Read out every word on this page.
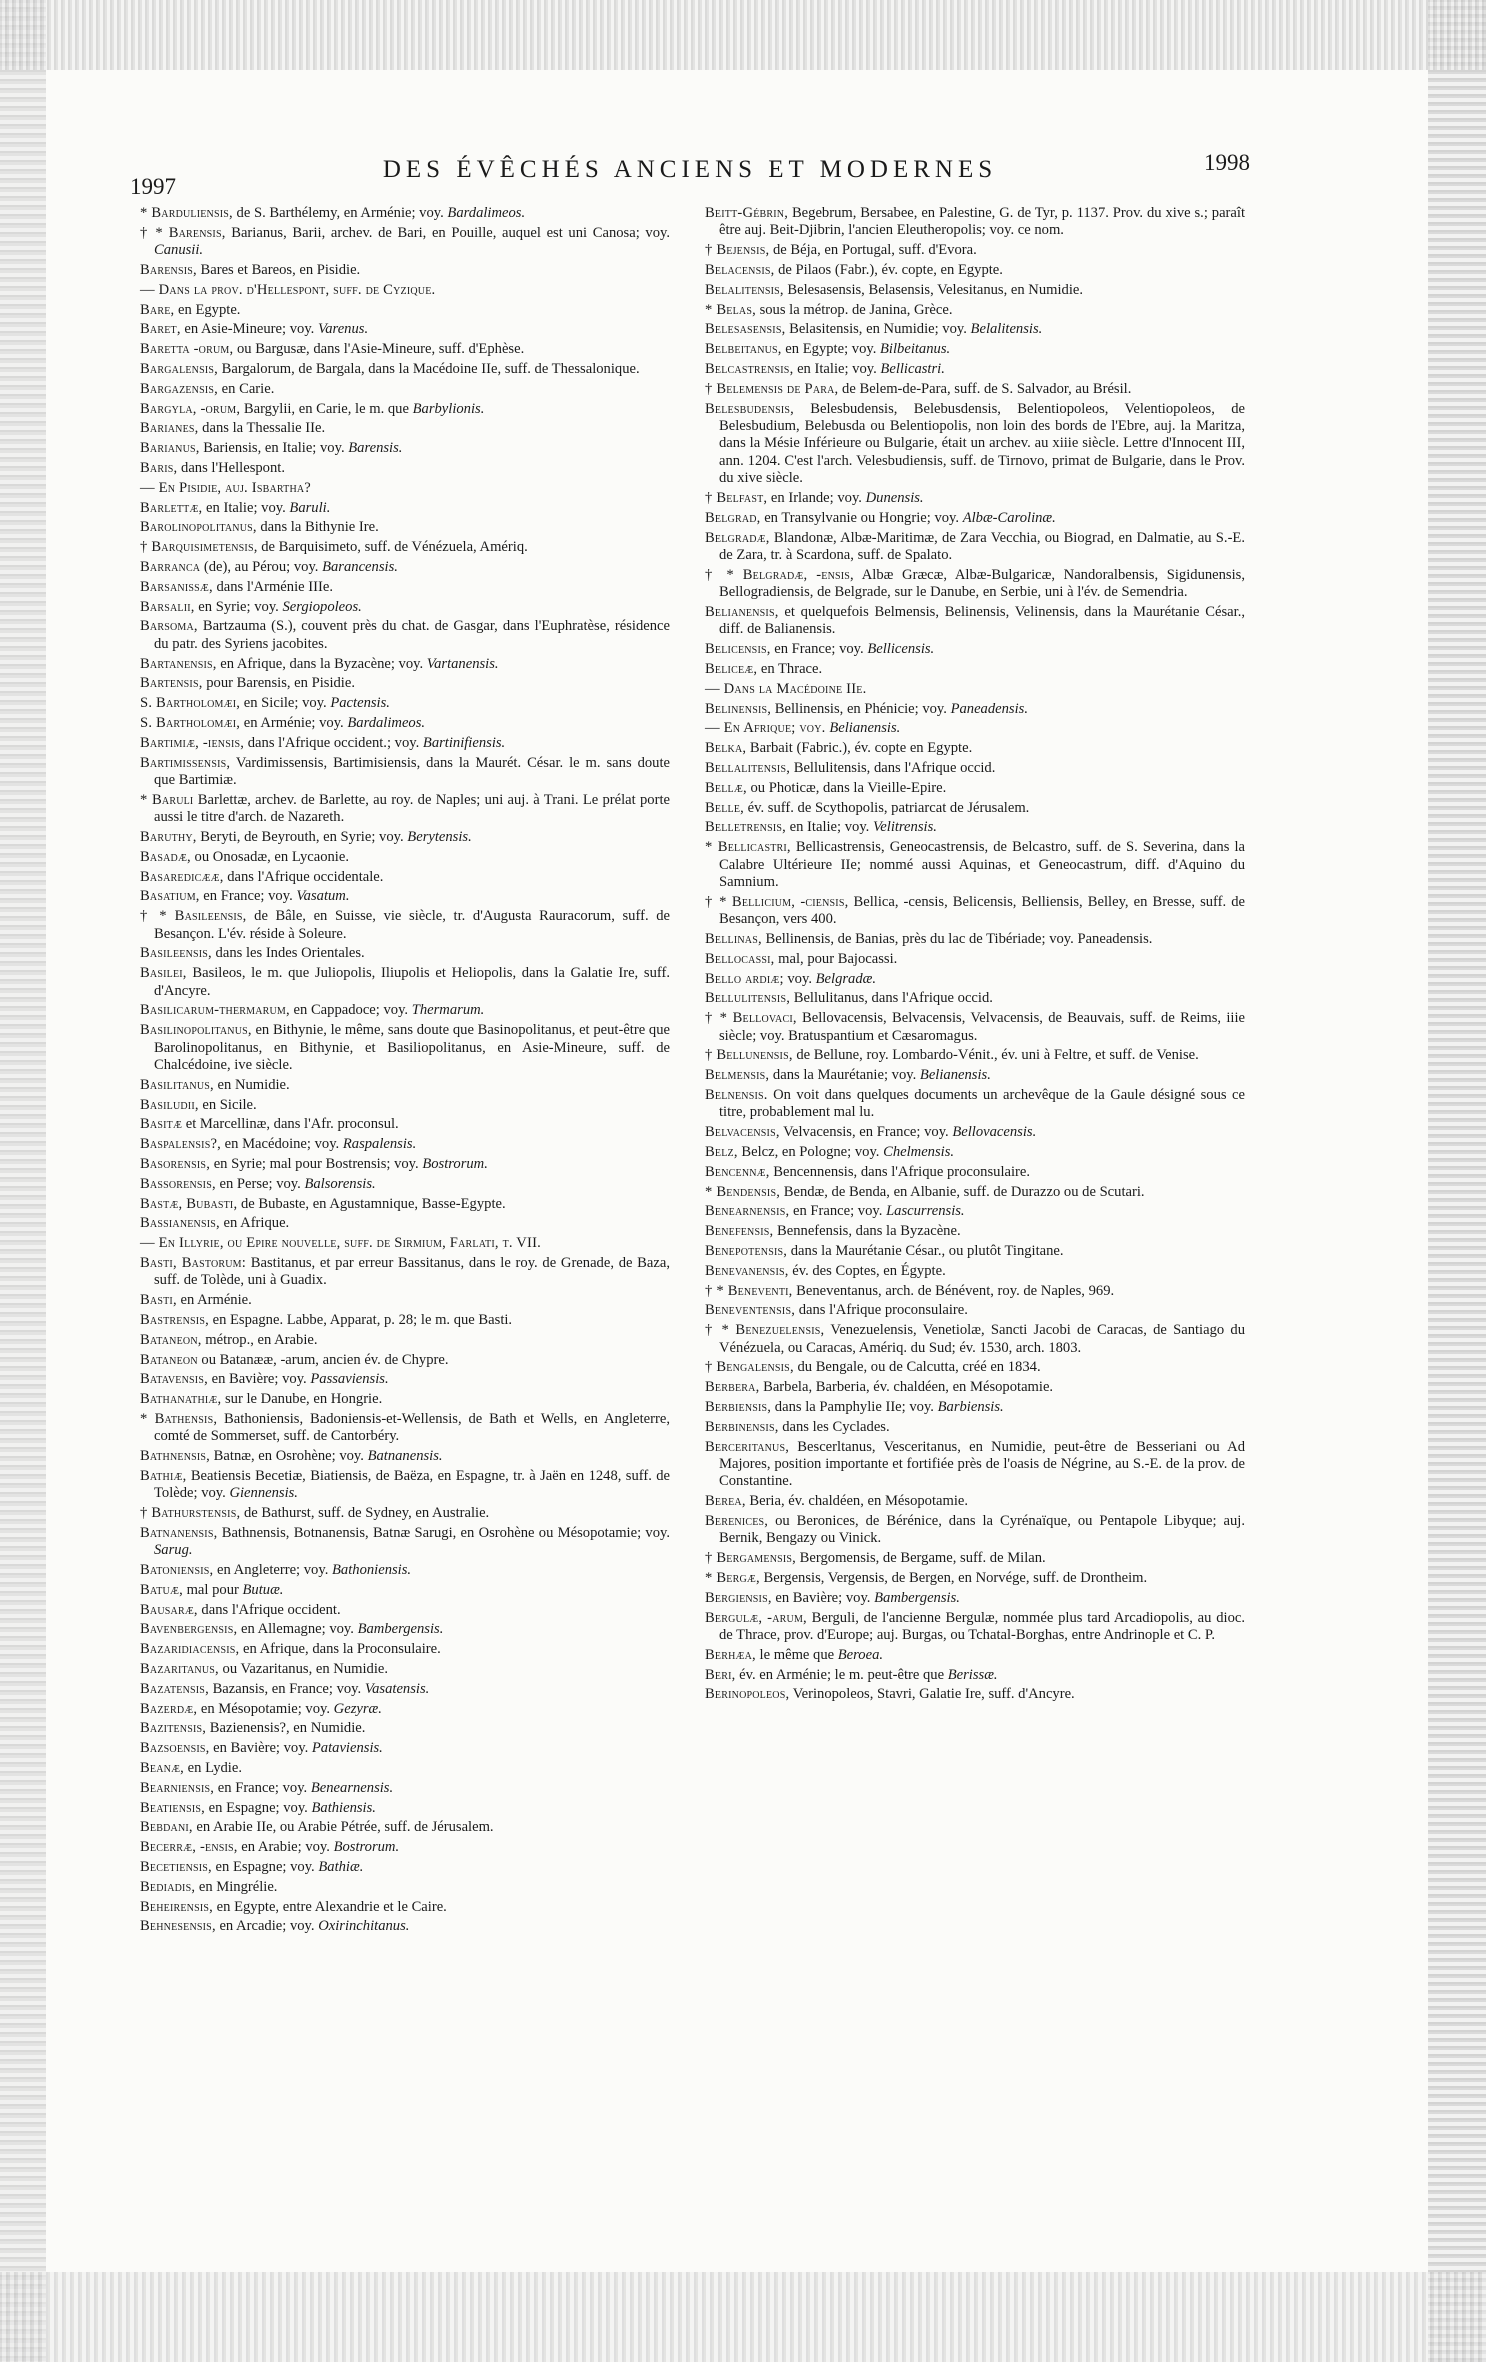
1997
DES ÉVÊCHÉS ANCIENS ET MODERNES	1998

* Barduliensis, de S. Barthélemy, en Arménie; voy. Bardalimeos.

† * Barensis, Barianus, Barii, archev. de Bari, en Pouille, auquel est uni Canosa; voy. Canusii.

Barensis, Bares et Bareos, en Pisidie.

— Dans la prov. d'Hellespont, suff. de Cyzique.

Bare, en Egypte.

Baret, en Asie-Mineure; voy. Varenus.

Baretta -orum, ou Bargusæ, dans l'Asie-Mineure, suff. d'Ephèse.

Bargalensis, Bargalorum, de Bargala, dans la Macédoine IIe, suff. de Thessalonique.

Bargazensis, en Carie.

Bargyla, -orum, Bargylii, en Carie, le m. que Barbylionis.

Barianes, dans la Thessalie IIe.

Barianus, Bariensis, en Italie; voy. Barensis.

Baris, dans l'Hellespont.

— En Pisidie, auj. Isbartha?

Barlettæ, en Italie; voy. Baruli.

Barolinopolitanus, dans la Bithynie Ire.

† Barquisimetensis, de Barquisimeto, suff. de Vénézuela, Amériq.

Barranca (de), au Pérou; voy. Barancensis.

Barsanissæ, dans l'Arménie IIIe.

Barsalii, en Syrie; voy. Sergiopoleos.

Barsoma, Bartzauma (S.), couvent près du chat. de Gasgar, dans l'Euphratèse, résidence du patr. des Syriens jacobites.

Bartanensis, en Afrique, dans la Byzacène; voy. Vartanensis.

Bartensis, pour Barensis, en Pisidie.

S. Bartholomæi, en Sicile; voy. Pactensis.

S. Bartholomæi, en Arménie; voy. Bardalimeos.

Bartimiæ, -iensis, dans l'Afrique occident.; voy. Bartinifiensis.

Bartimissensis, Vardimissensis, Bartimisiensis, dans la Maurét. César. le m. sans doute que Bartimiæ.

* Baruli Barlettæ, archev. de Barlette, au roy. de Naples; uni auj. à Trani. Le prélat porte aussi le titre d'arch. de Nazareth.

Baruthy, Beryti, de Beyrouth, en Syrie; voy. Berytensis.

Basadæ, ou Onosadæ, en Lycaonie.

Basaredicææ, dans l'Afrique occidentale.

Basatium, en France; voy. Vasatum.

† * Basileensis, de Bâle, en Suisse, vie siècle, tr. d'Augusta Rauracorum, suff. de Besançon. L'év. réside à Soleure.

Basileensis, dans les Indes Orientales.

Basilei, Basileos, le m. que Juliopolis, Iliupolis et Heliopolis, dans la Galatie Ire, suff. d'Ancyre.

Basilicarum-thermarum, en Cappadoce; voy. Thermarum.

Basilinopolitanus, en Bithynie, le même, sans doute que Basinopolitanus, et peut-être que Barolinopolitanus, en Bithynie, et Basiliopolitanus, en Asie-Mineure, suff. de Chalcédoine, ive siècle.

Basilitanus, en Numidie.

Basiludii, en Sicile.

Basitæ et Marcellinæ, dans l'Afr. proconsul.

Baspalensis?, en Macédoine; voy. Raspalensis.

Basorensis, en Syrie; mal pour Bostrensis; voy. Bostrorum.

Bassorensis, en Perse; voy. Balsorensis.

Bastæ, Bubasti, de Bubaste, en Agustamnique, Basse-Egypte.

Bassianensis, en Afrique.

— En Illyrie, ou Epire nouvelle, suff. de Sirmium, Farlati, t. VII.

Basti, Bastorum: Bastitanus, et par erreur Bassitanus, dans le roy. de Grenade, de Baza, suff. de Tolède, uni à Guadix.

Basti, en Arménie.

Bastrensis, en Espagne. Labbe, Apparat, p. 28; le m. que Basti.

Bataneon, métrop., en Arabie.

Bataneon ou Batanææ, -arum, ancien év. de Chypre.

Batavensis, en Bavière; voy. Passaviensis.

Bathanathiæ, sur le Danube, en Hongrie.

* Bathensis, Bathoniensis, Badoniensis-et-Wellensis, de Bath et Wells, en Angleterre, comté de Sommerset, suff. de Cantorbéry.

Bathnensis, Batnæ, en Osrohène; voy. Batnanensis.

Bathiæ, Beatiensis Becetiæ, Biatiensis, de Baëza, en Espagne, tr. à Jaën en 1248, suff. de Tolède; voy. Giennensis.

† Bathurstensis, de Bathurst, suff. de Sydney, en Australie.

Batnanensis, Bathnensis, Botnanensis, Batnæ Sarugi, en Osrohène ou Mésopotamie; voy. Sarug.

Batoniensis, en Angleterre; voy. Bathoniensis.

Batuæ, mal pour Butuæ.

Bausaræ, dans l'Afrique occident.

Bavenbergensis, en Allemagne; voy. Bambergensis.

Bazaridiacensis, en Afrique, dans la Proconsulaire.

Bazaritanus, ou Vazaritanus, en Numidie.

Bazatensis, Bazansis, en France; voy. Vasatensis.

Bazerdæ, en Mésopotamie; voy. Gezyræ.

Bazitensis, Bazienensis?, en Numidie.

Bazsoensis, en Bavière; voy. Pataviensis.

Beanæ, en Lydie.

Bearniensis, en France; voy. Benearnensis.

Beatiensis, en Espagne; voy. Bathiensis.

Bebdani, en Arabie IIe, ou Arabie Pétrée, suff. de Jérusalem.

Becerræ, -ensis, en Arabie; voy. Bostrorum.

Becetiensis, en Espagne; voy. Bathiæ.

Bediadis, en Mingrélie.

Beheirensis, en Egypte, entre Alexandrie et le Caire.

Behnesensis, en Arcadie; voy. Oxirinchitanus.

Beitt-Gébrin, Begebrum, Bersabee, en Palestine, G. de Tyr, p. 1137. Prov. du xive s.; paraît être auj. Beit-Djibrin, l'ancien Eleutheropolis; voy. ce nom.

† Bejensis, de Béja, en Portugal, suff. d'Evora.

Belacensis, de Pilaos (Fabr.), év. copte, en Egypte.

Belalitensis, Belesasensis, Belasensis, Velesitanus, en Numidie.

* Belas, sous la métrop. de Janina, Grèce.

Belesasensis, Belasitensis, en Numidie; voy. Belalitensis.

Belbeitanus, en Egypte; voy. Bilbeitanus.

Belcastrensis, en Italie; voy. Bellicastri.

† Belemensis de Para, de Belem-de-Para, suff. de S. Salvador, au Brésil.

Belesbudensis, Belesbudensis, Belebusdensis, Belentiopoleos, Velentiopoleos, de Belesbudium, Belebusda ou Belentiopolis, non loin des bords de l'Ebre, auj. la Maritza, dans la Mésie Inférieure ou Bulgarie, était un archev. au xiiie siècle. Lettre d'Innocent III, ann. 1204. C'est l'arch. Velesbudiensis, suff. de Tirnovo, primat de Bulgarie, dans le Prov. du xive siècle.

† Belfast, en Irlande; voy. Dunensis.

Belgrad, en Transylvanie ou Hongrie; voy. Albæ-Carolinæ.

Belgradæ, Blandonæ, Albæ-Maritimæ, de Zara Vecchia, ou Biograd, en Dalmatie, au S.-E. de Zara, tr. à Scardona, suff. de Spalato.

† * Belgradæ, -ensis, Albæ Græcæ, Albæ-Bulgaricæ, Nandoralbensis, Sigidunensis, Bellogradiensis, de Belgrade, sur le Danube, en Serbie, uni à l'év. de Semendria.

Belianensis, et quelquefois Belmensis, Belinensis, Velinensis, dans la Maurétanie César., diff. de Balianensis.

Belicensis, en France; voy. Bellicensis.

Beliceæ, en Thrace.

— Dans la Macédoine IIe.

Belinensis, Bellinensis, en Phénicie; voy. Paneadensis.

— En Afrique; voy. Belianensis.

Belka, Barbait (Fabric.), év. copte en Egypte.

Bellalitensis, Bellulitensis, dans l'Afrique occid.

Bellæ, ou Photicæ, dans la Vieille-Epire.

Belle, év. suff. de Scythopolis, patriarcat de Jérusalem.

Belletrensis, en Italie; voy. Velitrensis.

* Bellicastri, Bellicastrensis, Geneocastrensis, de Belcastro, suff. de S. Severina, dans la Calabre Ultérieure IIe; nommé aussi Aquinas, et Geneocastrum, diff. d'Aquino du Samnium.

† * Bellicium, -ciensis, Bellica, -censis, Belicensis, Belliensis, Belley, en Bresse, suff. de Besançon, vers 400.

Bellinas, Bellinensis, de Banias, près du lac de Tibériade; voy. Paneadensis.

Bellocassi, mal, pour Bajocassi.

Bello ardiæ; voy. Belgradæ.

Bellulitensis, Bellulitanus, dans l'Afrique occid.

† * Bellovaci, Bellovacensis, Belvacensis, Velvacensis, de Beauvais, suff. de Reims, iiie siècle; voy. Bratuspantium et Cæsaromagus.

† Bellunensis, de Bellune, roy. Lombardo-Vénit., év. uni à Feltre, et suff. de Venise.

Belmensis, dans la Maurétanie; voy. Belianensis.

Belnensis. On voit dans quelques documents un archevêque de la Gaule désigné sous ce titre, probablement mal lu.

Belvacensis, Velvacensis, en France; voy. Bellovacensis.

Belz, Belcz, en Pologne; voy. Chelmensis.

Bencennæ, Bencennensis, dans l'Afrique proconsulaire.

* Bendensis, Bendæ, de Benda, en Albanie, suff. de Durazzo ou de Scutari.

Benearnensis, en France; voy. Lascurrensis.

Benefensis, Bennefensis, dans la Byzacène.

Benepotensis, dans la Maurétanie César., ou plutôt Tingitane.

Benevanensis, év. des Coptes, en Égypte.

† * Beneventi, Beneventanus, arch. de Bénévent, roy. de Naples, 969.

Beneventensis, dans l'Afrique proconsulaire.

† * Benezuelensis, Venezuelensis, Venetiolæ, Sancti Jacobi de Caracas, de Santiago du Vénézuela, ou Caracas, Amériq. du Sud; év. 1530, arch. 1803.

† Bengalensis, du Bengale, ou de Calcutta, créé en 1834.

Berbera, Barbela, Barberia, év. chaldéen, en Mésopotamie.

Berbiensis, dans la Pamphylie IIe; voy. Barbiensis.

Berbinensis, dans les Cyclades.

Berceritanus, Bescerltanus, Vesceritanus, en Numidie, peut-être de Besseriani ou Ad Majores, position importante et fortifiée près de l'oasis de Négrine, au S.-E. de la prov. de Constantine.

Berea, Beria, év. chaldéen, en Mésopotamie.

Berenices, ou Beronices, de Bérénice, dans la Cyrénaïque, ou Pentapole Libyque; auj. Bernik, Bengazy ou Vinick.

† Bergamensis, Bergomensis, de Bergame, suff. de Milan.

* Bergæ, Bergensis, Vergensis, de Bergen, en Norvége, suff. de Drontheim.

Bergiensis, en Bavière; voy. Bambergensis.

Bergulæ, -arum, Berguli, de l'ancienne Bergulæ, nommée plus tard Arcadiopolis, au dioc. de Thrace, prov. d'Europe; auj. Burgas, ou Tchatal-Borghas, entre Andrinople et C. P.

Berhæa, le même que Beroea.

Beri, év. en Arménie; le m. peut-être que Berissæ.

Berinopoleos, Verinopoleos, Stavri, Galatie Ire, suff. d'Ancyre.
